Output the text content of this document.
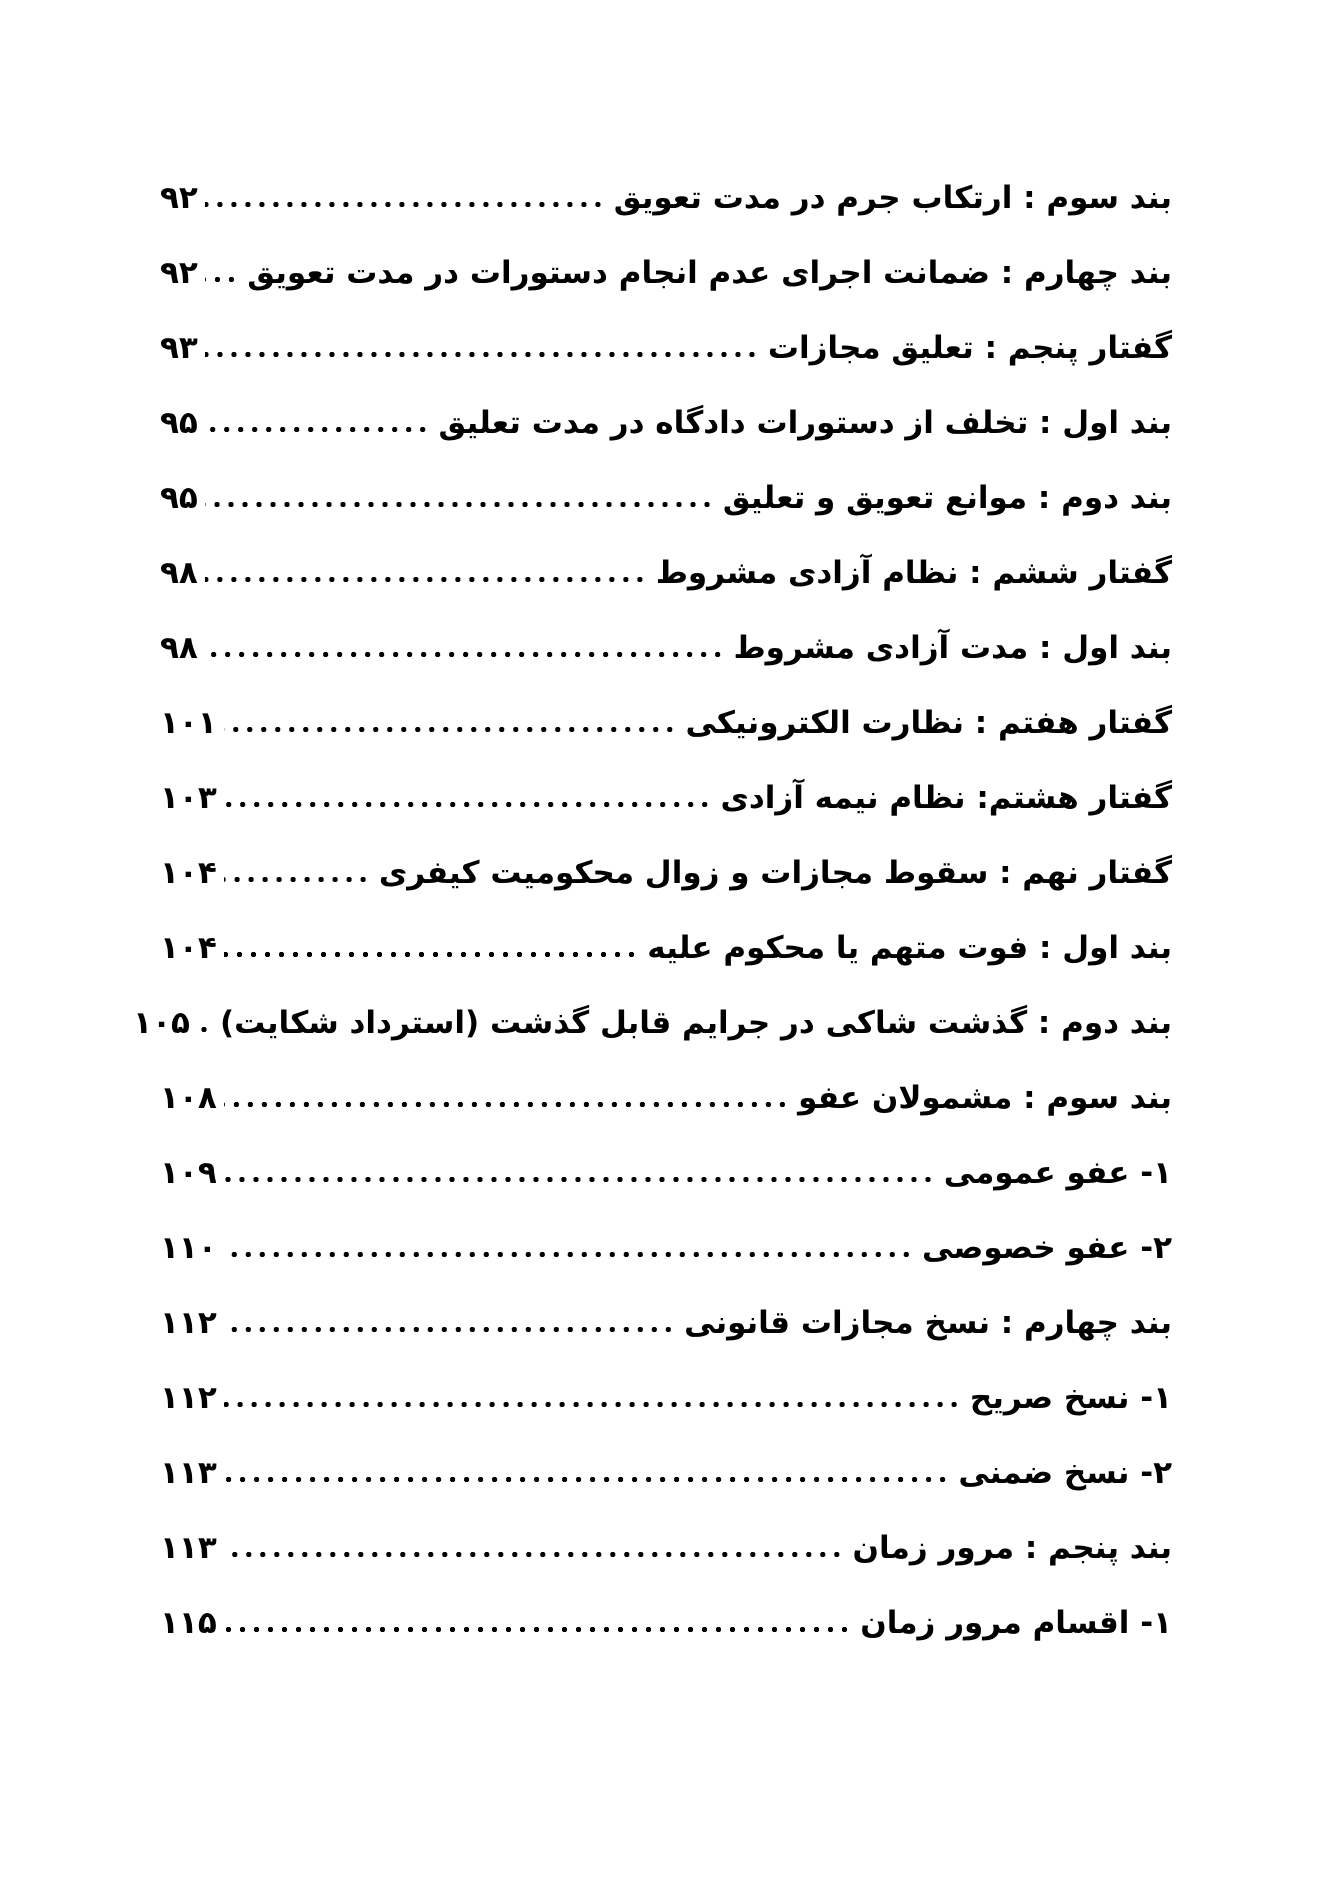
بند سوم : ارتکاب جرم در مدت تعویق
۹۲
بند چهارم : ضمانت اجرای عدم انجام دستورات در مدت تعویق
۹۲
گفتار پنجم : تعلیق مجازات
۹۳
بند اول : تخلف از دستورات دادگاه در مدت تعلیق
۹۵
بند دوم : موانع تعویق و تعلیق
۹۵
گفتار ششم : نظام آزادی مشروط
۹۸
بند اول : مدت آزادی مشروط
۹۸
گفتار هفتم : نظارت الکترونیکی
۱۰۱
گفتار هشتم: نظام نیمه آزادی
۱۰۳
گفتار نهم : سقوط مجازات و زوال محکومیت کیفری
۱۰۴
بند اول : فوت متهم یا محکوم علیه
۱۰۴
بند دوم : گذشت شاکی در جرایم قابل گذشت (استرداد شکایت)
۱۰۵
بند سوم : مشمولان عفو
۱۰۸
۱- عفو عمومی
۱۰۹
۲- عفو خصوصی
۱۱۰
بند چهارم : نسخ مجازات قانونی
۱۱۲
۱- نسخ صریح
۱۱۲
۲- نسخ ضمنی
۱۱۳
بند پنجم : مرور زمان
۱۱۳
۱- اقسام مرور زمان
۱۱۵
